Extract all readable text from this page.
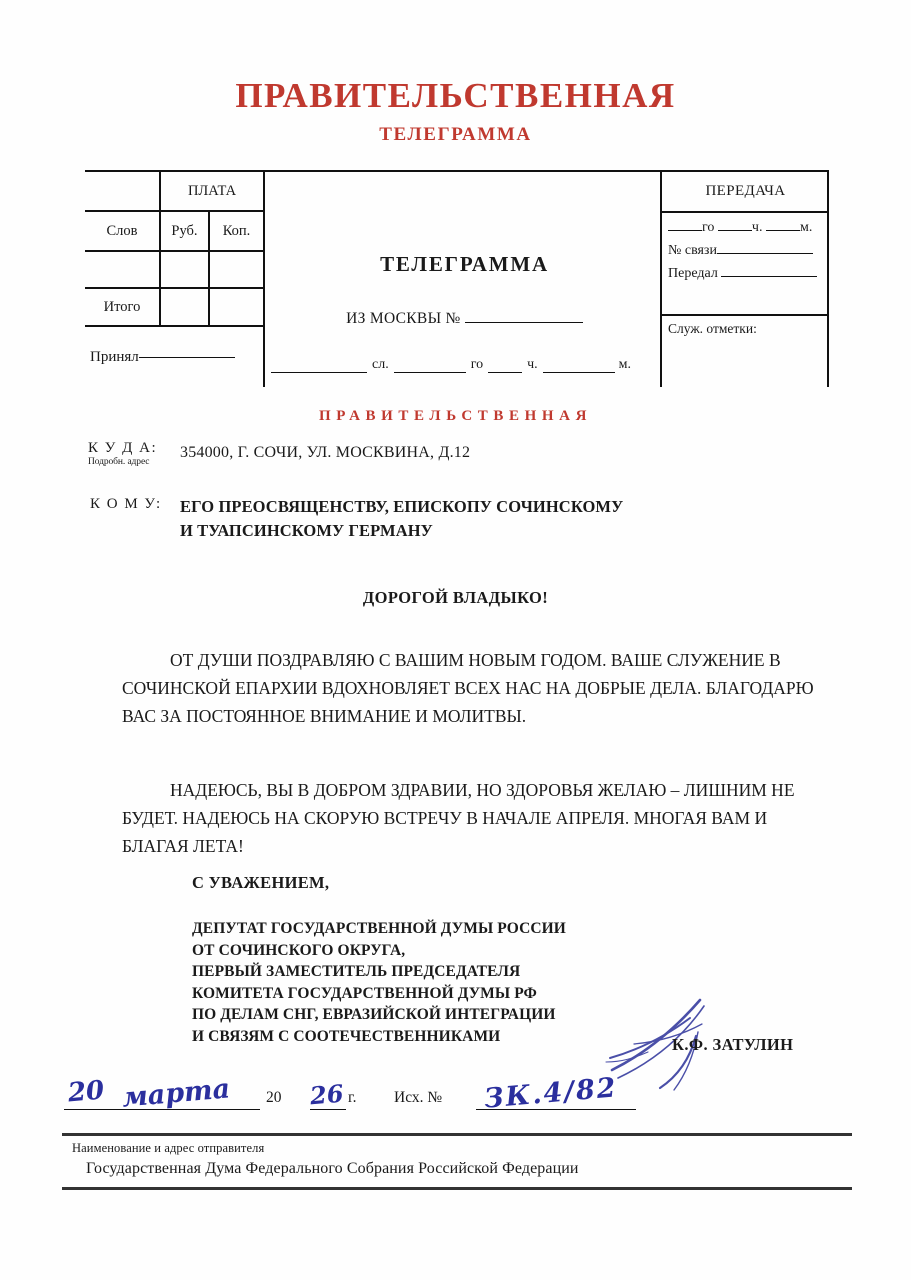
ПРАВИТЕЛЬСТВЕННАЯ
ТЕЛЕГРАММА
ПЛАТА
Слов	Руб.	Коп.
Итого
Принял
ТЕЛЕГРАММА
ИЗ МОСКВЫ №
сл.	го	ч.	м.
ПЕРЕДАЧА
го	ч.	м.
№ связи
Передал
Служ. отметки:
ПРАВИТЕЛЬСТВЕННАЯ
К У Д А:
Подробн. адрес
354000, Г. СОЧИ, УЛ. МОСКВИНА, Д.12
К О М У: ЕГО ПРЕОСВЯЩЕНСТВУ, ЕПИСКОПУ СОЧИНСКОМУ
И ТУАПСИНСКОМУ ГЕРМАНУ
ДОРОГОЙ ВЛАДЫКО!
ОТ ДУШИ ПОЗДРАВЛЯЮ С ВАШИМ НОВЫМ ГОДОМ. ВАШЕ СЛУЖЕНИЕ В СОЧИНСКОЙ ЕПАРХИИ ВДОХНОВЛЯЕТ ВСЕХ НАС НА ДОБРЫЕ ДЕЛА. БЛАГОДАРЮ ВАС ЗА ПОСТОЯННОЕ ВНИМАНИЕ И МОЛИТВЫ.
НАДЕЮСЬ, ВЫ В ДОБРОМ ЗДРАВИИ, НО ЗДОРОВЬЯ ЖЕЛАЮ – ЛИШНИМ НЕ БУДЕТ. НАДЕЮСЬ НА СКОРУЮ ВСТРЕЧУ В НАЧАЛЕ АПРЕЛЯ. МНОГАЯ ВАМ И БЛАГАЯ ЛЕТА!
С УВАЖЕНИЕМ,
ДЕПУТАТ ГОСУДАРСТВЕННОЙ ДУМЫ РОССИИ
ОТ СОЧИНСКОГО ОКРУГА,
ПЕРВЫЙ ЗАМЕСТИТЕЛЬ ПРЕДСЕДАТЕЛЯ
КОМИТЕТА ГОСУДАРСТВЕННОЙ ДУМЫ РФ
ПО ДЕЛАМ СНГ, ЕВРАЗИЙСКОЙ ИНТЕГРАЦИИ
И СВЯЗЯМ С СООТЕЧЕСТВЕННИКАМИ	К.Ф. ЗАТУЛИН
20	г. Исх. №
20 марта	26	ЗК.4/82
Наименование и адрес отправителя
Государственная Дума Федерального Собрания Российской Федерации
